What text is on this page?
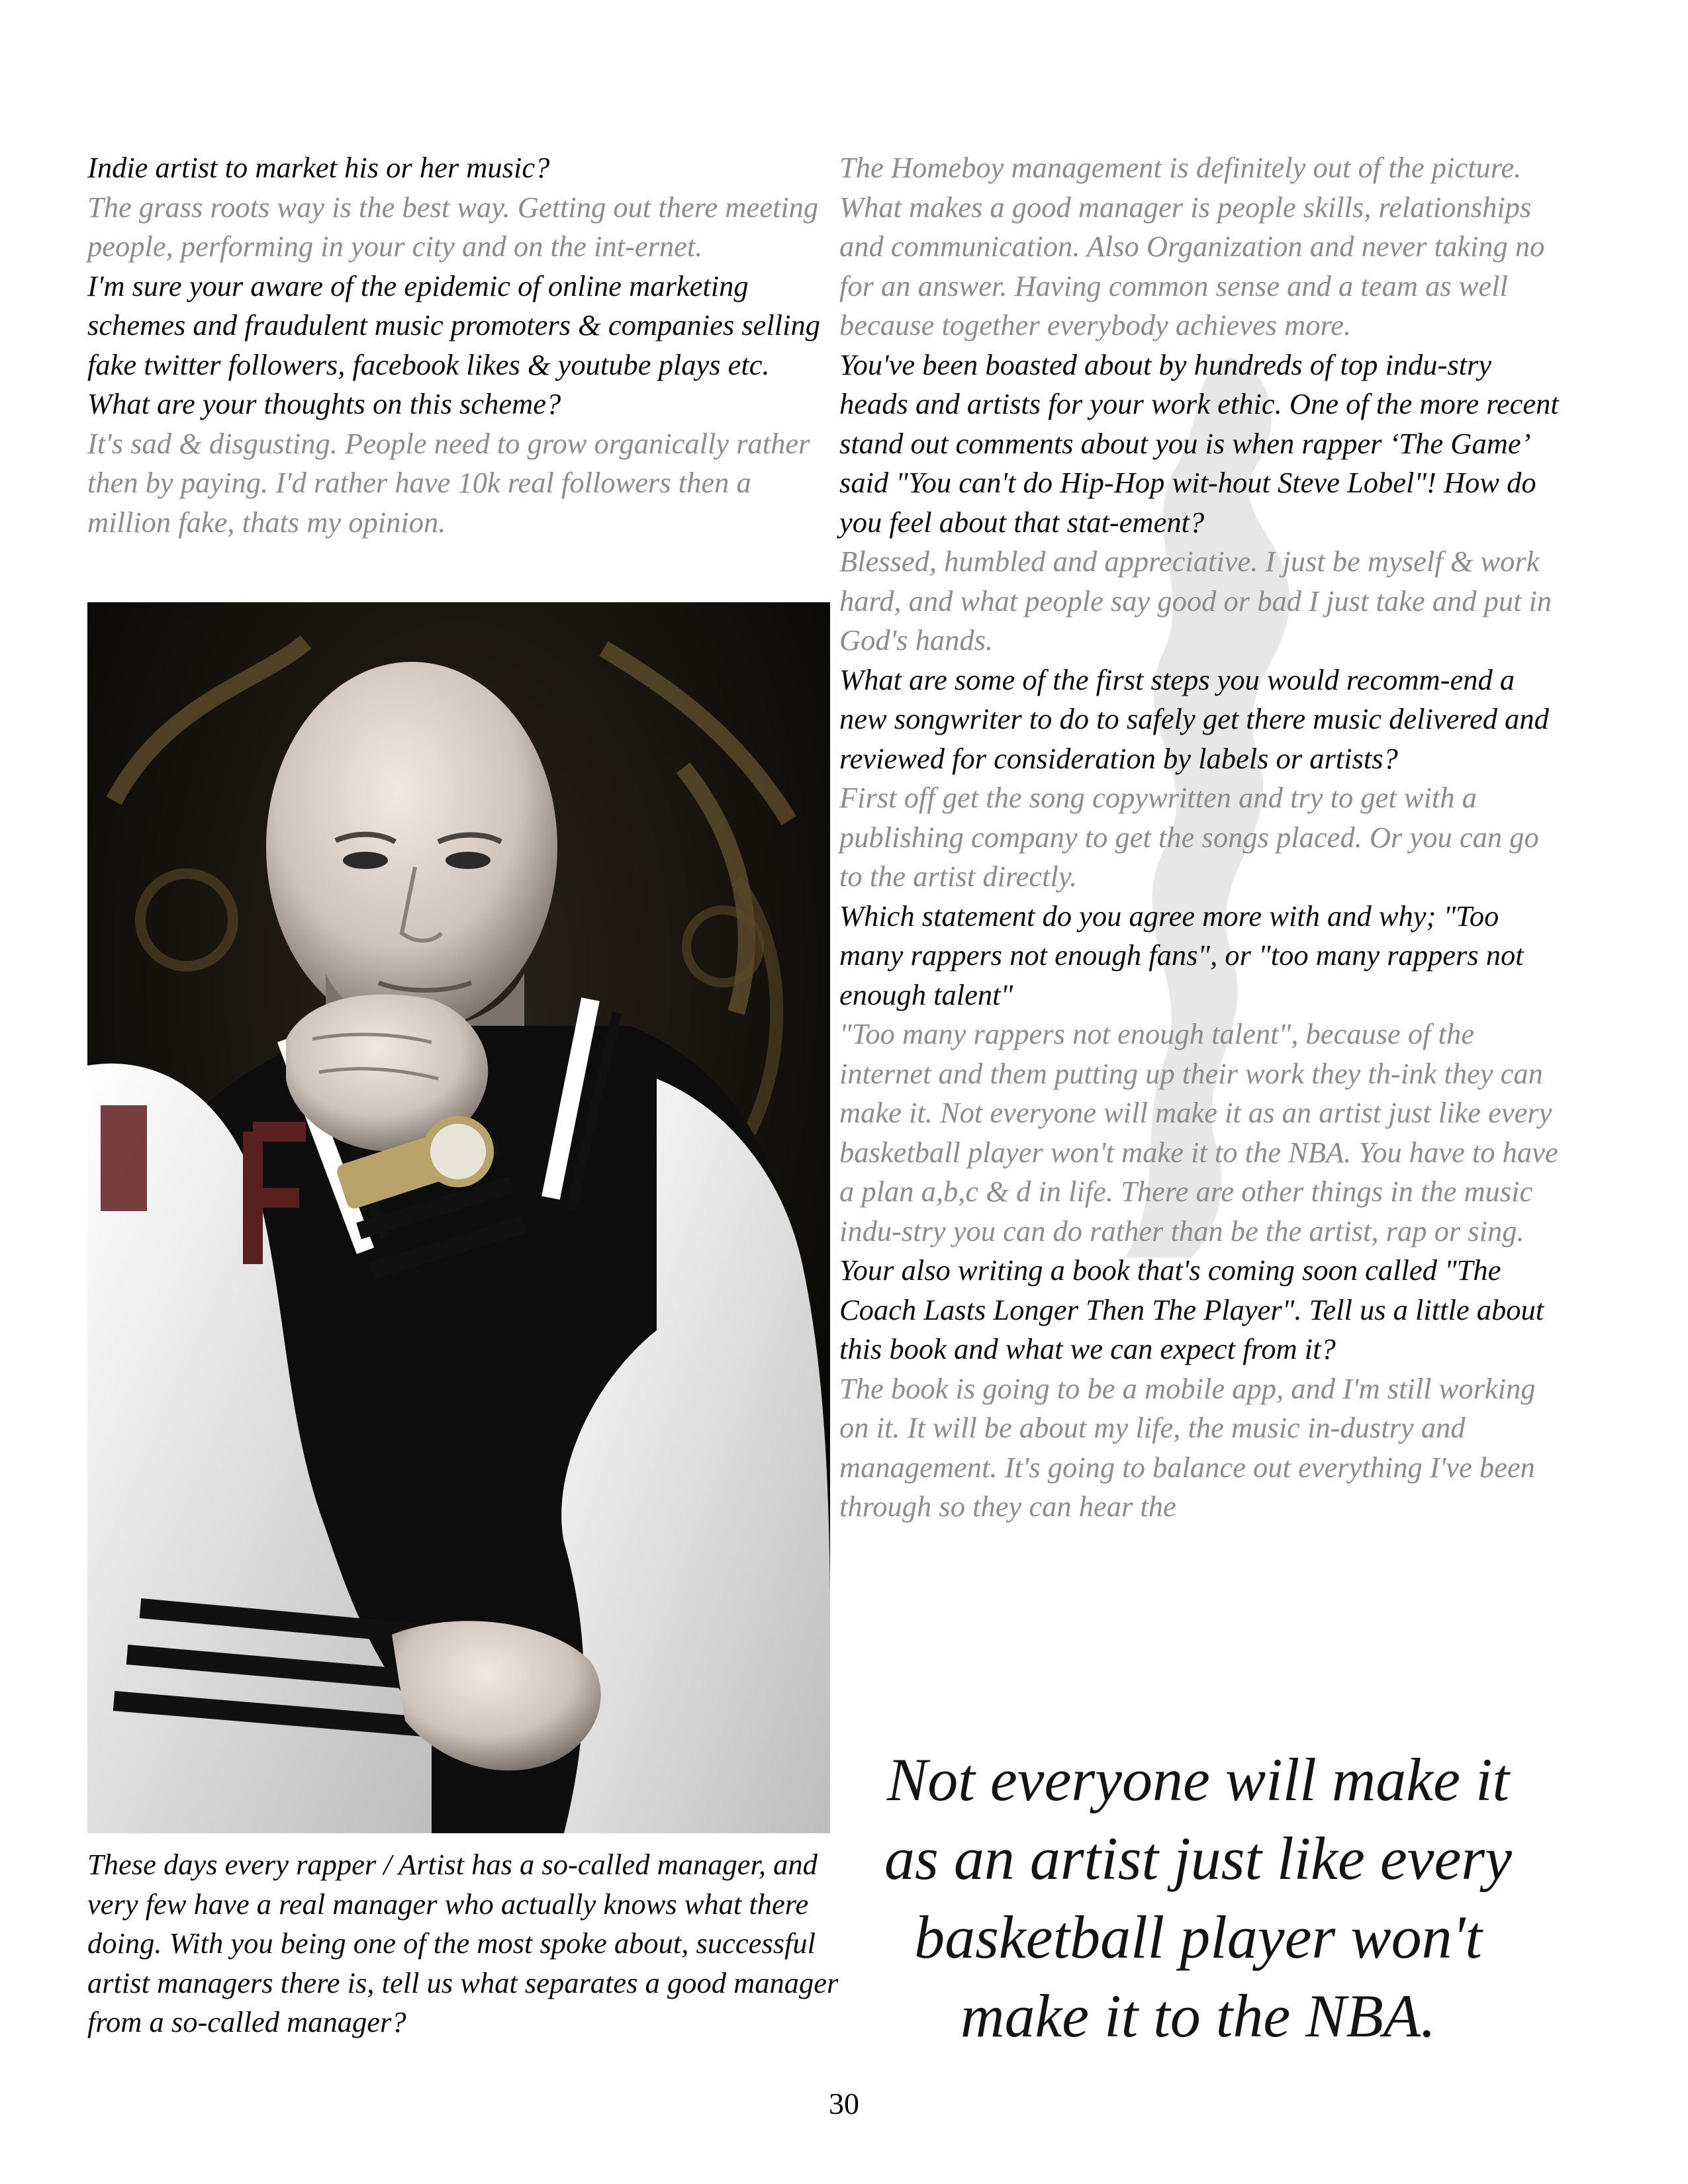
Indie artist to market his or her music?

The grass roots way is the best way. Getting out there meeting people, performing in your city and on the int-ernet.

I'm sure your aware of the epidemic of online marketing schemes and fraudulent music promoters & companies selling fake twitter followers, facebook likes & youtube plays etc. What are your thoughts on this scheme?

It's sad & disgusting. People need to grow organically rather then by paying. I'd rather have 10k real followers then a million fake, thats my opinion.

These days every rapper / Artist has a so-called manager, and very few have a real manager who actually knows what there doing. With you being one of the most spoke about, successful artist managers there is, tell us what separates a good manager from a so-called manager?

The Homeboy management is definitely out of the picture. What makes a good manager is people skills, relationships and communication. Also Organization and never taking no for an answer. Having common sense and a team as well because together everybody achieves more.

You've been boasted about by hundreds of top indu-stry heads and artists for your work ethic. One of the more recent stand out comments about you is when rapper ‘The Game’ said "You can't do Hip-Hop wit-hout Steve Lobel"! How do you feel about that stat-ement?

Blessed, humbled and appreciative. I just be myself & work hard, and what people say good or bad I just take and put in God's hands.

What are some of the first steps you would recomm-end a new songwriter to do to safely get there music delivered and reviewed for consideration by labels or artists?

First off get the song copywritten and try to get with a publishing company to get the songs placed. Or you can go to the artist directly.

Which statement do you agree more with and why; "Too many rappers not enough fans", or "too many rappers not enough talent"

"Too many rappers not enough talent", because of the internet and them putting up their work they th-ink they can make it. Not everyone will make it as an artist just like every basketball player won't make it to the NBA. You have to have a plan a,b,c & d in life. There are other things in the music indu-stry you can do rather than be the artist, rap or sing.

Your also writing a book that's coming soon called "The Coach Lasts Longer Then The Player". Tell us a little about this book and what we can expect from it?

The book is going to be a mobile app, and I'm still working on it. It will be about my life, the music in-dustry and management. It's going to balance out everything I've been through so they can hear the

Not everyone will make it
as an artist just like every
basketball player won't
make it to the NBA.
30
